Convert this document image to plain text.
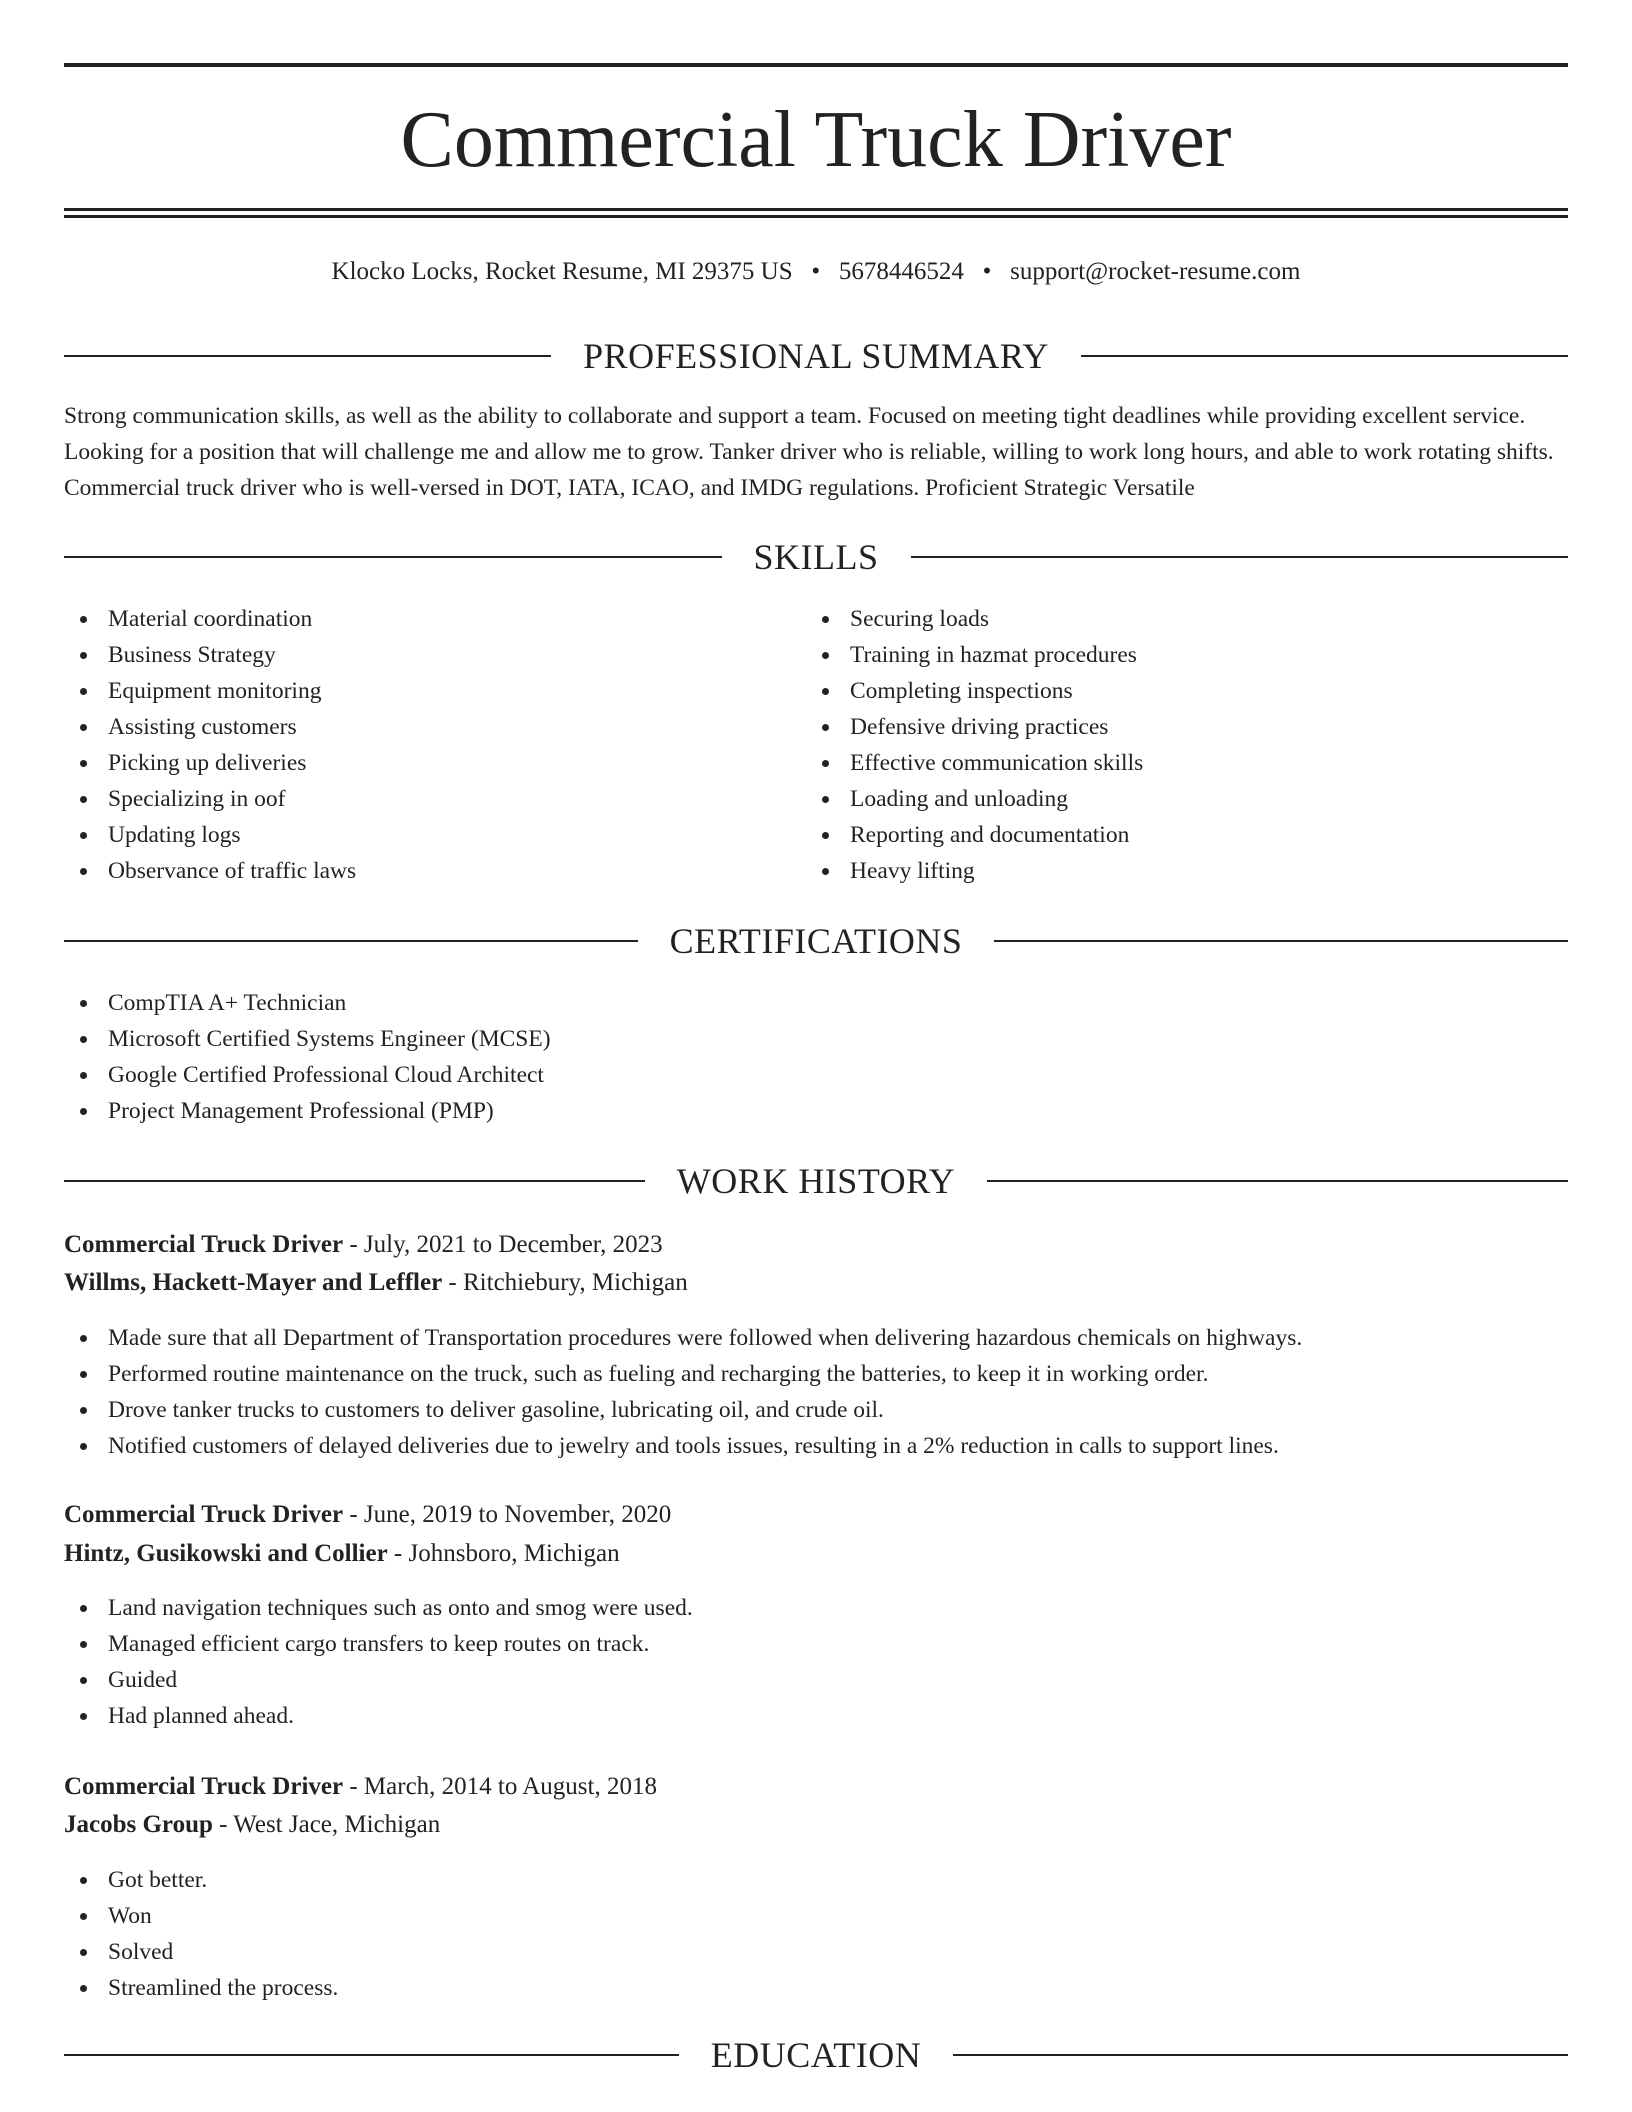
Commercial Truck Driver
Klocko Locks, Rocket Resume, MI 29375 US • 5678446524 • support@rocket-resume.com
PROFESSIONAL SUMMARY

Strong communication skills, as well as the ability to collaborate and support a team. Focused on meeting tight deadlines while providing excellent service. Looking for a position that will challenge me and allow me to grow. Tanker driver who is reliable, willing to work long hours, and able to work rotating shifts. Commercial truck driver who is well-versed in DOT, IATA, ICAO, and IMDG regulations. Proficient Strategic Versatile

SKILLS
Material coordination
Business Strategy
Equipment monitoring
Assisting customers
Picking up deliveries
Specializing in oof
Updating logs
Observance of traffic laws
Securing loads
Training in hazmat procedures
Completing inspections
Defensive driving practices
Effective communication skills
Loading and unloading
Reporting and documentation
Heavy lifting
CERTIFICATIONS
CompTIA A+ Technician
Microsoft Certified Systems Engineer (MCSE)
Google Certified Professional Cloud Architect
Project Management Professional (PMP)
WORK HISTORY
Commercial Truck Driver - July, 2021 to December, 2023
Willms, Hackett-Mayer and Leffler - Ritchiebury, Michigan
Made sure that all Department of Transportation procedures were followed when delivering hazardous chemicals on highways.
Performed routine maintenance on the truck, such as fueling and recharging the batteries, to keep it in working order.
Drove tanker trucks to customers to deliver gasoline, lubricating oil, and crude oil.
Notified customers of delayed deliveries due to jewelry and tools issues, resulting in a 2% reduction in calls to support lines.
Commercial Truck Driver - June, 2019 to November, 2020
Hintz, Gusikowski and Collier - Johnsboro, Michigan
Land navigation techniques such as onto and smog were used.
Managed efficient cargo transfers to keep routes on track.
Guided
Had planned ahead.
Commercial Truck Driver - March, 2014 to August, 2018
Jacobs Group - West Jace, Michigan
Got better.
Won
Solved
Streamlined the process.
EDUCATION
